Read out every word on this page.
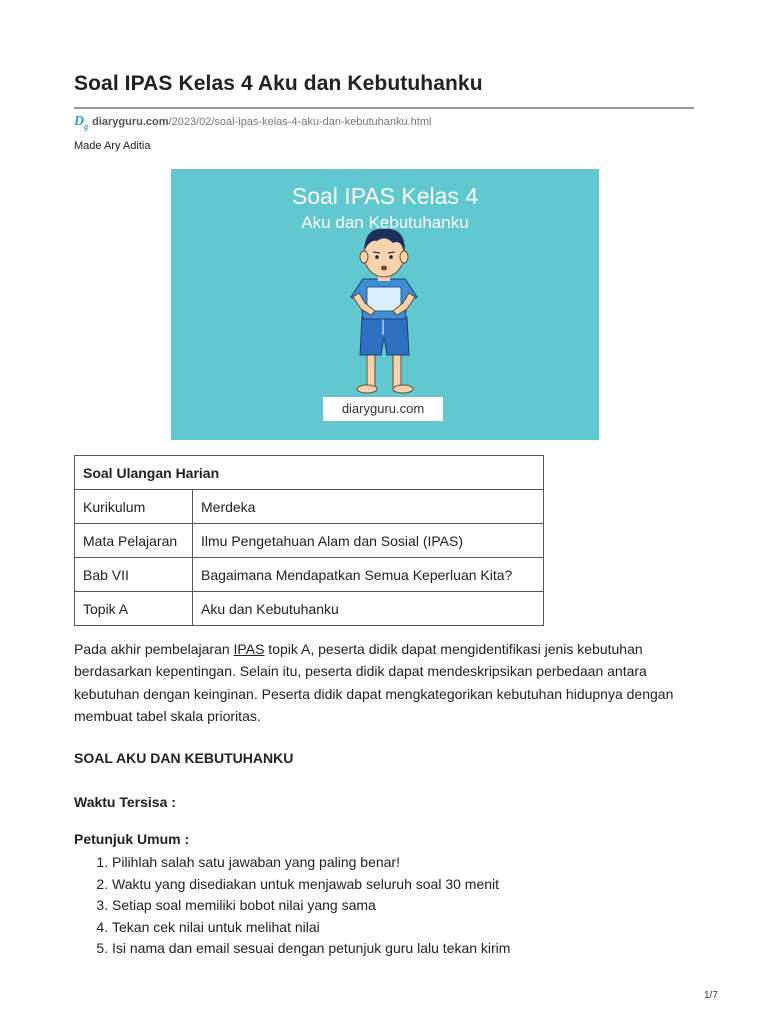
Soal IPAS Kelas 4 Aku dan Kebutuhanku
$D_g$ diaryguru.com /2023/02/soal-ipas-kelas-4-aku-dan-kebutuhanku.html
Made Ary Aditia
Soal IPAS Kelas 4
Aku dan Kebutuhanku
diaryguru.com
Soal Ulangan Harian	
Kurikulum	Merdeka
Mata Pelajaran	Ilmu Pengetahuan Alam dan Sosial (IPAS)
Bab VII	Bagaimana Mendapatkan Semua Keperluan Kita?
Topik A	Aku dan Kebutuhanku

Pada akhir pembelajaran IPAS topik A, peserta didik dapat mengidentifikasi jenis kebutuhan berdasarkan kepentingan. Selain itu, peserta didik dapat mendeskripsikan perbedaan antara kebutuhan dengan keinginan. Peserta didik dapat mengkategorikan kebutuhan hidupnya dengan membuat tabel skala prioritas.

SOAL AKU DAN KEBUTUHANKU
Waktu Tersisa :
Petunjuk Umum :
1. Pilihlah salah satu jawaban yang paling benar!
2. Waktu yang disediakan untuk menjawab seluruh soal 30 menit
3. Setiap soal memiliki bobot nilai yang sama
4. Tekan cek nilai untuk melihat nilai
5. Isi nama dan email sesuai dengan petunjuk guru lalu tekan kirim
1/7
